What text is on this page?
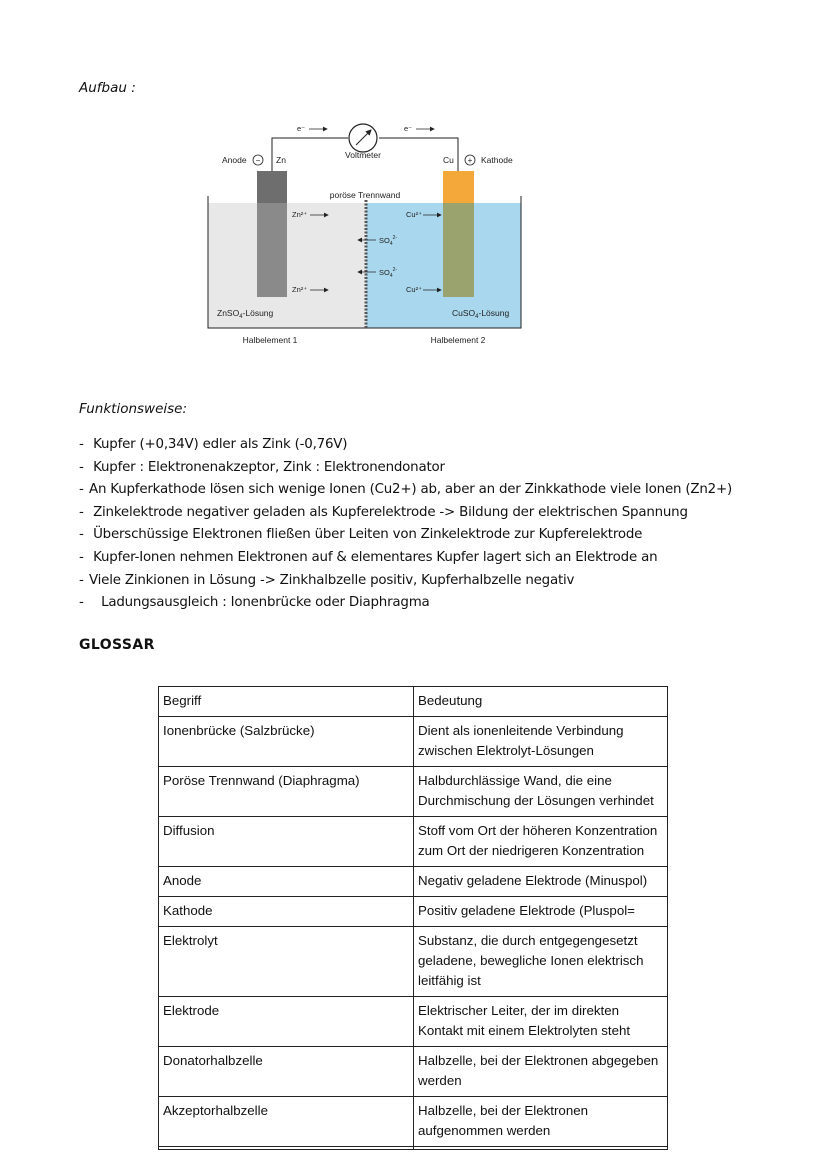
Aufbau :
Voltmeter
e⁻	e⁻
Anode − Zn	Cu + Kathode
poröse Trennwand
Zn²⁺
Zn²⁺
Cu²⁺
Cu²⁺
$SO_4^{2-}$
$SO_4^{2-}$
ZnSO$_4$-Lösung	CuSO$_4$-Lösung
Halbelement 1	Halbelement 2
Funktionsweise:
- Kupfer (+0,34V) edler als Zink (-0,76V)
- Kupfer : Elektronenakzeptor, Zink : Elektronendonator
- An Kupferkathode lösen sich wenige Ionen (Cu2+) ab, aber an der Zinkkathode viele Ionen (Zn2+)
- Zinkelektrode negativer geladen als Kupferelektrode -> Bildung der elektrischen Spannung
- Überschüssige Elektronen fließen über Leiten von Zinkelektrode zur Kupferelektrode
- Kupfer-Ionen nehmen Elektronen auf & elementares Kupfer lagert sich an Elektrode an
- Viele Zinkionen in Lösung -> Zinkhalbzelle positiv, Kupferhalbzelle negativ
- Ladungsausgleich : Ionenbrücke oder Diaphragma
GLOSSAR
Begriff	Bedeutung
Ionenbrücke (Salzbrücke)	Dient als ionenleitende Verbindung zwischen Elektrolyt-Lösungen
Poröse Trennwand (Diaphragma)	Halbdurchlässige Wand, die eine Durchmischung der Lösungen verhindet
Diffusion	Stoff vom Ort der höheren Konzentration zum Ort der niedrigeren Konzentration
Anode	Negativ geladene Elektrode (Minuspol)
Kathode	Positiv geladene Elektrode (Pluspol=
Elektrolyt	Substanz, die durch entgegengesetzt geladene, bewegliche Ionen elektrisch leitfähig ist
Elektrode	Elektrischer Leiter, der im direkten Kontakt mit einem Elektrolyten steht
Donatorhalbzelle	Halbzelle, bei der Elektronen abgegeben werden
Akzeptorhalbzelle	Halbzelle, bei der Elektronen aufgenommen werden
